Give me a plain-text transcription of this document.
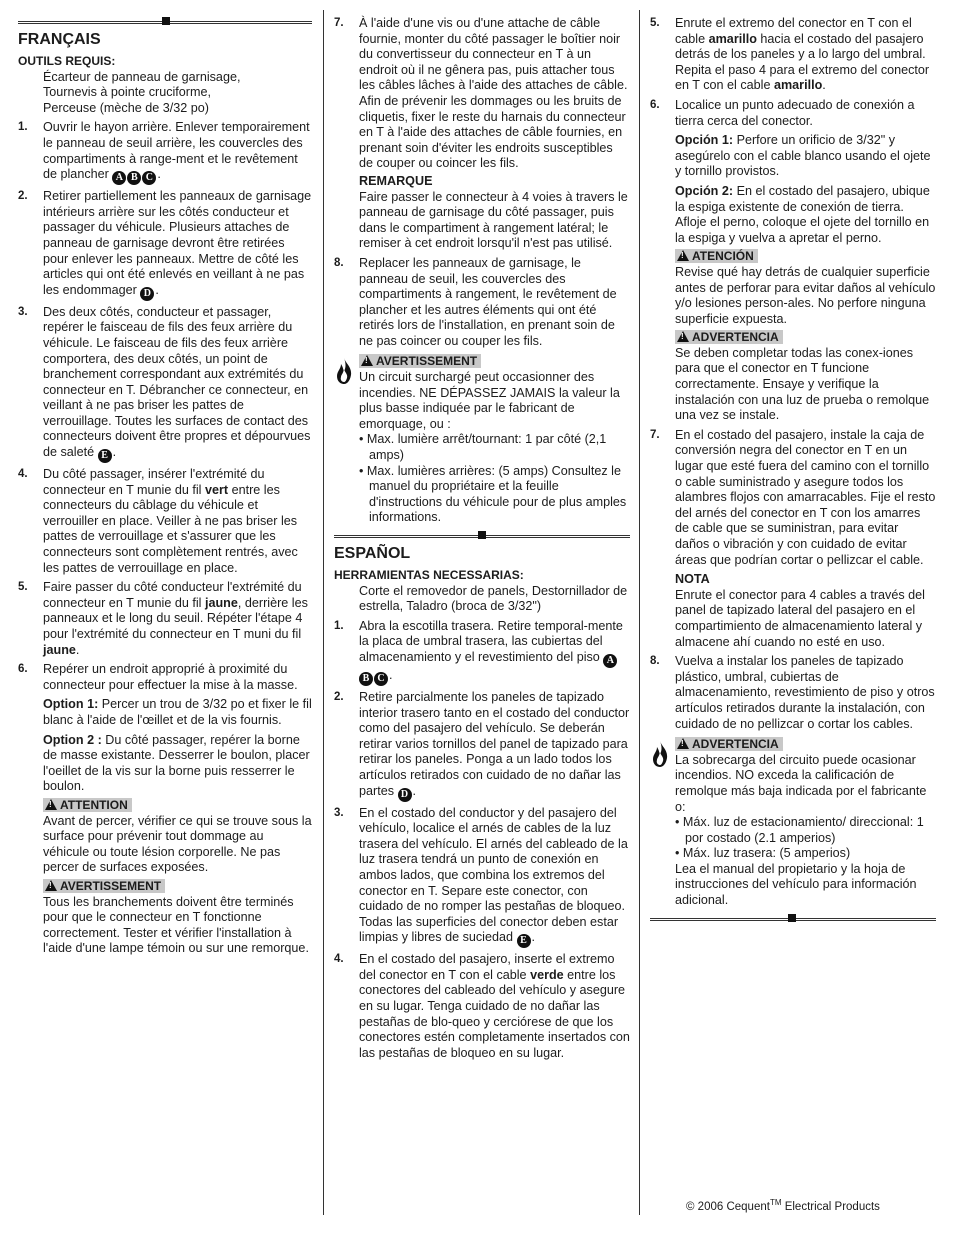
FRANÇAIS
OUTILS REQUIS:
Écarteur de panneau de garnisage,
Tournevis à pointe cruciforme,
Perceuse (mèche de 3/32 po)
1.	Ouvrir le hayon arrière. Enlever temporairement le panneau de seuil arrière, les couvercles des compartiments à range-ment et le revêtement de plancher A B C .
2.	Retirer partiellement les panneaux de garnisage intérieurs arrière sur les côtés conducteur et passager du véhicule. Plusieurs attaches de panneau de garnisage devront être retirées pour enlever les panneaux. Mettre de côté les articles qui ont été enlevés en veillant à ne pas les endommager D .
3.	Des deux côtés, conducteur et passager, repérer le faisceau de fils des feux arrière du véhicule. Le faisceau de fils des feux arrière comportera, des deux côtés, un point de branchement correspondant aux extrémités du connecteur en T. Débrancher ce connecteur, en veillant à ne pas briser les pattes de verrouillage. Toutes les surfaces de contact des connecteurs doivent être propres et dépourvues de saleté E .
4.	Du côté passager, insérer l'extrémité du connecteur en T munie du fil vert entre les connecteurs du câblage du véhicule et verrouiller en place. Veiller à ne pas briser les pattes de verrouillage et s'assurer que les connecteurs sont complètement rentrés, avec les pattes de verrouillage en place.
5.	Faire passer du côté conducteur l'extrémité du connecteur en T munie du fil jaune, derrière les panneaux et le long du seuil. Répéter l'étape 4 pour l'extrémité du connecteur en T muni du fil jaune.
6.	Repérer un endroit approprié à proximité du connecteur pour effectuer la mise à la masse.
Option 1: Percer un trou de 3/32 po et fixer le fil blanc à l'aide de l'œillet et de la vis fournis.
Option 2 : Du côté passager, repérer la borne de masse existante. Desserrer le boulon, placer l'oeillet de la vis sur la borne puis resserrer le boulon.
!ATTENTION
Avant de percer, vérifier ce qui se trouve sous la surface pour prévenir tout dommage au véhicule ou toute lésion corporelle. Ne pas percer de surfaces exposées.
!AVERTISSEMENT
Tous les branchements doivent être terminés pour que le connecteur en T fonctionne correctement. Tester et vérifier l'installation à l'aide d'une lampe témoin ou sur une remorque.
7.	À l'aide d'une vis ou d'une attache de câble fournie, monter du côté passager le boîtier noir du convertisseur du connecteur en T à un endroit où il ne gênera pas, puis attacher tous les câbles lâches à l'aide des attaches de câble. Afin de prévenir les dommages ou les bruits de cliquetis, fixer le reste du harnais du connecteur en T à l'aide des attaches de câble fournies, en prenant soin d'éviter les endroits susceptibles de couper ou coincer les fils.
REMARQUE
Faire passer le connecteur à 4 voies à travers le panneau de garnisage du côté passager, puis dans le compartiment à rangement latéral; le remiser à cet endroit lorsqu'il n'est pas utilisé.
8.	Replacer les panneaux de garnisage, le panneau de seuil, les couvercles des compartiments à rangement, le revêtement de plancher et les autres éléments qui ont été retirés lors de l'installation, en prenant soin de ne pas coincer ou couper les fils.
!AVERTISSEMENT
Un circuit surchargé peut occasionner des incendies. NE DÉPASSEZ JAMAIS la valeur la plus basse indiquée par le fabricant de emorquage, ou :
• Max. lumière arrêt/tournant: 1 par côté (2,1 amps)
• Max. lumières arrières: (5 amps) Consultez le manuel du propriétaire et la feuille d'instructions du véhicule pour de plus amples informations.
ESPAÑOL
HERRAMIENTAS NECESSARIAS:
Corte el removedor de panels, Destornillador de estrella, Taladro (broca de 3/32")
1.	Abra la escotilla trasera. Retire temporal-mente la placa de umbral trasera, las cubiertas del almacenamiento y el revestimiento del piso AB C .
2.	Retire parcialmente los paneles de tapizado interior trasero tanto en el costado del conductor como del pasajero del vehículo. Se deberán retirar varios tornillos del panel de tapizado para retirar los paneles. Ponga a un lado todos los artículos retirados con cuidado de no dañar las partes D .
3.	En el costado del conductor y del pasajero del vehículo, localice el arnés de cables de la luz trasera del vehículo. El arnés del cableado de la luz trasera tendrá un punto de conexión en ambos lados, que combina los extremos del conector en T. Separe este conector, con cuidado de no romper las pestañas de bloqueo. Todas las superficies del conector deben estar limpias y libres de suciedad E .
4.	En el costado del pasajero, inserte el extremo del conector en T con el cable verde entre los conectores del cableado del vehículo y asegure en su lugar. Tenga cuidado de no dañar las pestañas de blo-queo y cerciórese de que los conectores estén completamente insertados con las pestañas de bloqueo en su lugar.
5.	Enrute el extremo del conector en T con el cable amarillo hacia el costado del pasajero detrás de los paneles y a lo largo del umbral. Repita el paso 4 para el extremo del conector en T con el cable amarillo.
6.	Localice un punto adecuado de conexión a tierra cerca del conector.
Opción 1: Perfore un orificio de 3/32" y asegúrelo con el cable blanco usando el ojete y tornillo provistos.
Opción 2: En el costado del pasajero, ubique la espiga existente de conexión de tierra. Afloje el perno, coloque el ojete del tornillo en la espiga y vuelva a apretar el perno.
!ATENCIÓN
Revise qué hay detrás de cualquier superficie antes de perforar para evitar daños al vehículo y/o lesiones person-ales. No perfore ninguna superficie expuesta.
!ADVERTENCIA
Se deben completar todas las conex-iones para que el conector en T funcione correctamente. Ensaye y verifique la instalación con una luz de prueba o remolque una vez se instale.
7.	En el costado del pasajero, instale la caja de conversión negra del conector en T en un lugar que esté fuera del camino con el tornillo o cable suministrado y asegure todos los alambres flojos con amarracables. Fije el resto del arnés del conector en T con los amarres de cable que se suministran, para evitar daños o vibración y con cuidado de evitar áreas que podrían cortar o pellizcar el cable.
NOTA
Enrute el conector para 4 cables a través del panel de tapizado lateral del pasajero en el compartimiento de almacenamiento lateral y almacene ahí cuando no esté en uso.
8.	Vuelva a instalar los paneles de tapizado plástico, umbral, cubiertas de almacenamiento, revestimiento de piso y otros artículos retirados durante la instalación, con cuidado de no pellizcar o cortar los cables.
!ADVERTENCIA
La sobrecarga del circuito puede ocasionar incendios. NO exceda la calificación de remolque más baja indicada por el fabricante o:
• Máx. luz de estacionamiento/ direccional: 1 por costado (2.1 amperios)
• Máx. luz trasera: (5 amperios)
Lea el manual del propietario y la hoja de instrucciones del vehículo para información adicional.
© 2006 Cequent™ Electrical Products
